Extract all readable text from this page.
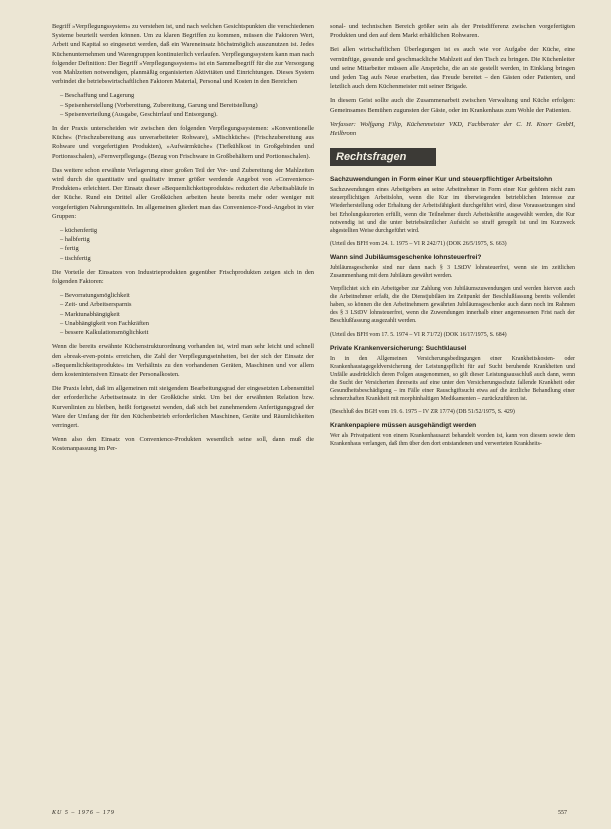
Begriff »Verpflegungssystem« zu verstehen ist, und nach welchen Gesichtspunkten die verschiedenen Systeme beurteilt werden können. Um zu klaren Begriffen zu kommen, müssen die Faktoren Wert, Arbeit und Kapital so eingesetzt werden, daß ein Wareneinsatz höchstmöglich auszunutzen ist. Jedes Küchenunternehmen und Warengruppen kontinuierlich verlaufen. Verpflegungssystem kann man nach folgender Definition: Der Begriff »Verpflegungssystem« ist ein Sammelbegriff für die zur Versorgung von Mahlzeiten notwendigen, planmäßig organisierten Aktivitäten und Einrichtungen. Dieses System verbindet die betriebswirtschaftlichen Faktoren Material, Personal und Kosten in den Bereichen

– Beschaffung und Lagerung
– Speisenherstellung (Vorbereitung, Zubereitung, Garung und Bereitstellung)
– Speisenverteilung (Ausgabe, Geschirrlauf und Entsorgung).

In der Praxis unterscheiden wir zwischen den folgenden Verpflegungssystemen: »Konventionelle Küche« (Frischzubereitung aus unverarbeiteter Rohware), »Mischküche« (Frischzubereitung aus Rohware und vorgefertigten Produkten), »Aufwärmküche« (Tiefkühlkost in Großgebinden und Portionsschalen), »Fernverpflegung« (Bezug von Frischware in Großbehältern und Portionsschalen).

Das weitere schon erwähnte Verlagerung einer großen Teil der Vor- und Zubereitung der Mahlzeiten wird durch die quantitativ und qualitativ immer größer werdende Angebot von »Convenience-Produkten« erleichtert. Der Einsatz dieser »Bequemlichkeitsprodukte« reduziert die Arbeitsabläufe in der Küche. Rund ein Drittel aller Großküchen arbeiten heute bereits mehr oder weniger mit vorgefertigten Nahrungsmitteln. Im allgemeinen gliedert man das Convenience-Food-Angebot in vier Gruppen:

– küchenfertig
– halbfertig
– fertig
– tischfertig

Die Vorteile der Einsatzes von Industrieprodukten gegenüber Frischprodukten zeigen sich in den folgenden Faktoren:

– Bevorratungsmöglichkeit
– Zeit- und Arbeitsersparnis
– Marktunabhängigkeit
– Unabhängigkeit von Fachkräften
– bessere Kalkulationsmöglichkeit

Wenn die bereits erwähnte Küchenstrukturordnung vorhanden ist, wird man sehr leicht und schnell den »break-even-point« erreichen, die Zahl der Verpflegungseinheiten, bei der sich der Einsatz der »Bequemlichkeitsprodukte« im Verhältnis zu den vorhandenen Geräten, Maschinen und vor allem dem kostenintensiven Einsatz der Personalkosten.

Die Praxis lehrt, daß im allgemeinen mit steigendem Bearbeitungsgrad der eingesetzten Lebensmittel der erforderliche Arbeitseinsatz in der Großküche sinkt. Um bei der erwähnten Relation bzw. Kurvenlinien zu bleiben, heißt fortgesetzt wenden, daß sich bei zunehmendem Anfertigungsgrad der Ware der Umfang der für den Küchenbetrieb erforderlichen Maschinen, Geräte und Räumlichkeiten verringert.

Wenn also den Einsatz von Convenience-Produkten wesentlich seine soll, dann muß die Kostenanpassung im Per-

sonal- und technischen Bereich größer sein als der Preisdifferenz zwischen vorgefertigten Produkten und den auf dem Markt erhältlichen Rohwaren.

Bei allen wirtschaftlichen Überlegungen ist es auch wie vor Aufgabe der Küche, eine vernünftige, gesunde und geschmackliche Mahlzeit auf den Tisch zu bringen. Die Küchenleiter und seine Mitarbeiter müssen alle Ansprüche, die an sie gestellt werden, in Einklang bringen und jeden Tag aufs Neue erarbeiten, das Freude bereitet – den Gästen oder Patienten, und letztlich auch dem Küchenmeister mit seiner Brigade.

In diesem Geist sollte auch die Zusammenarbeit zwischen Verwaltung und Küche erfolgen: Gemeinsames Bemühen zugunsten der Gäste, oder im Krankenhaus zum Wohle der Patienten.

Verfasser: Wolfgang Filip, Küchenmeister VKD, Fachberater der C. H. Knorr GmbH, Heilbronn

Rechtsfragen
Sachzuwendungen in Form einer Kur und steuerpflichtiger Arbeitslohn

Sachzuwendungen eines Arbeitgebers an seine Arbeitnehmer in Form einer Kur gehören nicht zum steuerpflichtigen Arbeitslohn, wenn die Kur im überwiegenden betrieblichen Interesse zur Wiederherstellung oder Erhaltung der Arbeitsfähigkeit durchgeführt wird, diese Voraussetzungen sind bei Erholungskurorten erfüllt, wenn die Teilnehmer durch Arbeitskräfte ausgewählt werden, die Kur notwendig ist und die unter betriebsärztlicher Aufsicht so straff geregelt ist und im Kurzweck abgestellten Weise durchgeführt wird.

(Urteil des BFH vom 24. 1. 1975 – VI R 242/71) (DOK 26/5/1975, S. 663)

Wann sind Jubiläumsgeschenke lohnsteuerfrei?

Jubiläumsgeschenke sind nur dann nach § 3 LStDV lohnsteuerfrei, wenn sie im zeitlichen Zusammenhang mit dem Jubiläum gewährt werden.

Verpflichtet sich ein Arbeitgeber zur Zahlung von Jubiläumszuwendungen und werden hiervon auch die Arbeitnehmer erfaßt, die die Dienstjubiläen im Zeitpunkt der Beschlußfassung bereits vollendet haben, so können die den Arbeitnehmern gewährten Jubiläumsgeschenke auch dann noch im Rahmen des § 3 LStDV lohnsteuerfrei, wenn die Zuwendungen innerhalb einer angemessenen Frist nach der Beschlußfassung ausgezahlt werden.

(Urteil des BFH vom 17. 5. 1974 – VI R 71/72) (DOK 16/17/1975, S. 684)

Private Krankenversicherung: Suchtklausel

In in den Allgemeinen Versicherungsbedingungen einer Krankheitskosten- oder Krankenhaustagegeldversicherung der Leistungspflicht für auf Sucht beruhende Krankheiten und Unfälle ausdrücklich deren Folgen ausgenommen, so gilt dieser Leistungsausschluß auch dann, wenn die Sucht der Versicherten ihrerseits auf eine unter den Versicherungsschutz fallende Krankheit oder Gesundheitsbeschädigung – im Fälle einer Rauschgiftsucht etwa auf die ärztliche Behandlung einer schmerzhaften Krankheit mit morphinhaltigen Medikamenten – zurückzuführen ist.

(Beschluß des BGH vom 19. 6. 1975 – IV ZR 17/74) (DB 51/52/1975, S. 429)

Krankenpapiere müssen ausgehändigt werden

Wer als Privatpatient von einem Krankenhausarzt behandelt worden ist, kann von diesem sowie dem Krankenhaus verlangen, daß ihm über den dort entstandenen und verwerteten Krankheits-

KU 5 – 1976 – 179	557
